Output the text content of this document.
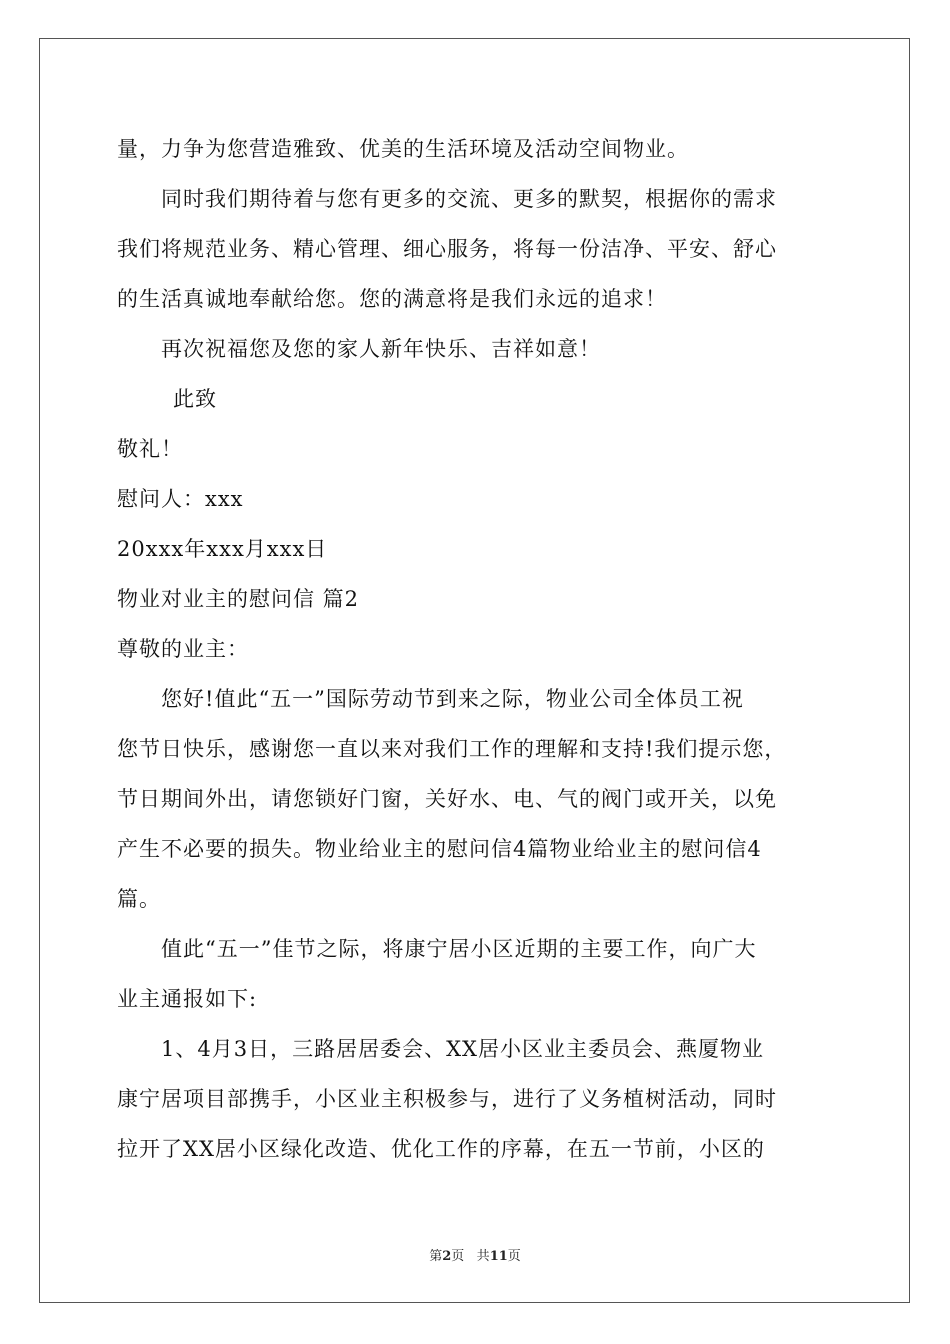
量，力争为您营造雅致、优美的生活环境及活动空间物业。
同时我们期待着与您有更多的交流、更多的默契，根据你的需求
我们将规范业务、精心管理、细心服务，将每一份洁净、平安、舒心
的生活真诚地奉献给您。您的满意将是我们永远的追求！
再次祝福您及您的家人新年快乐、吉祥如意！
此致
敬礼！
慰问人：xxx
20xxx年xxx月xxx日
物业对业主的慰问信 篇2
尊敬的业主：
您好!值此“五一”国际劳动节到来之际，物业公司全体员工祝
您节日快乐，感谢您一直以来对我们工作的理解和支持!我们提示您，
节日期间外出，请您锁好门窗，关好水、电、气的阀门或开关，以免
产生不必要的损失。物业给业主的慰问信4篇物业给业主的慰问信4
篇。
值此“五一”佳节之际，将康宁居小区近期的主要工作，向广大
业主通报如下:
1、4月3日，三路居居委会、XX居小区业主委员会、燕厦物业
康宁居项目部携手，小区业主积极参与，进行了义务植树活动，同时
拉开了XX居小区绿化改造、优化工作的序幕，在五一节前，小区的
第2页 共11页
